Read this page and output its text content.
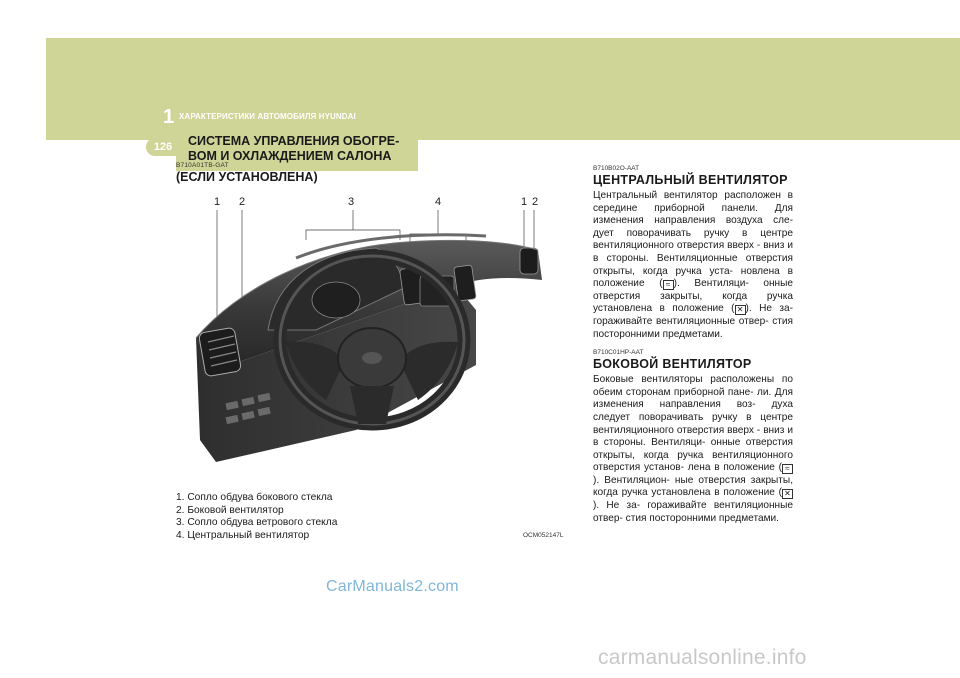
1 ХАРАКТЕРИСТИКИ АВТОМОБИЛЯ HYUNDAI
126	СИСТЕМА УПРАВЛЕНИЯ ОБОГРЕ-
ВОМ И ОХЛАЖДЕНИЕМ САЛОНА
B710A01TB-GAT
(ЕСЛИ УСТАНОВЛЕНА)
1 2	3	4	1 2
1. Сопло обдува бокового стекла
2. Боковой вентилятор
3. Сопло обдува ветрового стекла
4. Центральный вентилятор	OCM052147L
B710B02O-AAT
ЦЕНТРАЛЬНЫЙ ВЕНТИЛЯТОР
Центральный вентилятор расположен в середине приборной панели. Для изменения направления воздуха сле- дует поворачивать ручку в центре вентиляционного отверстия вверх - вниз и в стороны. Вентиляционные отверстия открыты, когда ручка уста- новлена в положение ( ≈ ). Вентиляци- онные отверстия закрыты, когда ручка установлена в положение ( ✕ ). Не за- гораживайте вентиляционные отвер- стия посторонними предметами.
B710C01HP-AAT
БОКОВОЙ ВЕНТИЛЯТОР
Боковые вентиляторы расположены по обеим сторонам приборной пане- ли. Для изменения направления воз- духа следует поворачивать ручку в центре вентиляционного отверстия вверх - вниз и в стороны. Вентиляци- онные отверстия открыты, когда ручка вентиляционного отверстия установ- лена в положение ( ≈). Вентиляцион- ные отверстия закрыты, когда ручка установлена в положение ( ✕). Не за- гораживайте вентиляционные отвер- стия посторонними предметами.
CarManuals2.com
carmanualsonline.info
